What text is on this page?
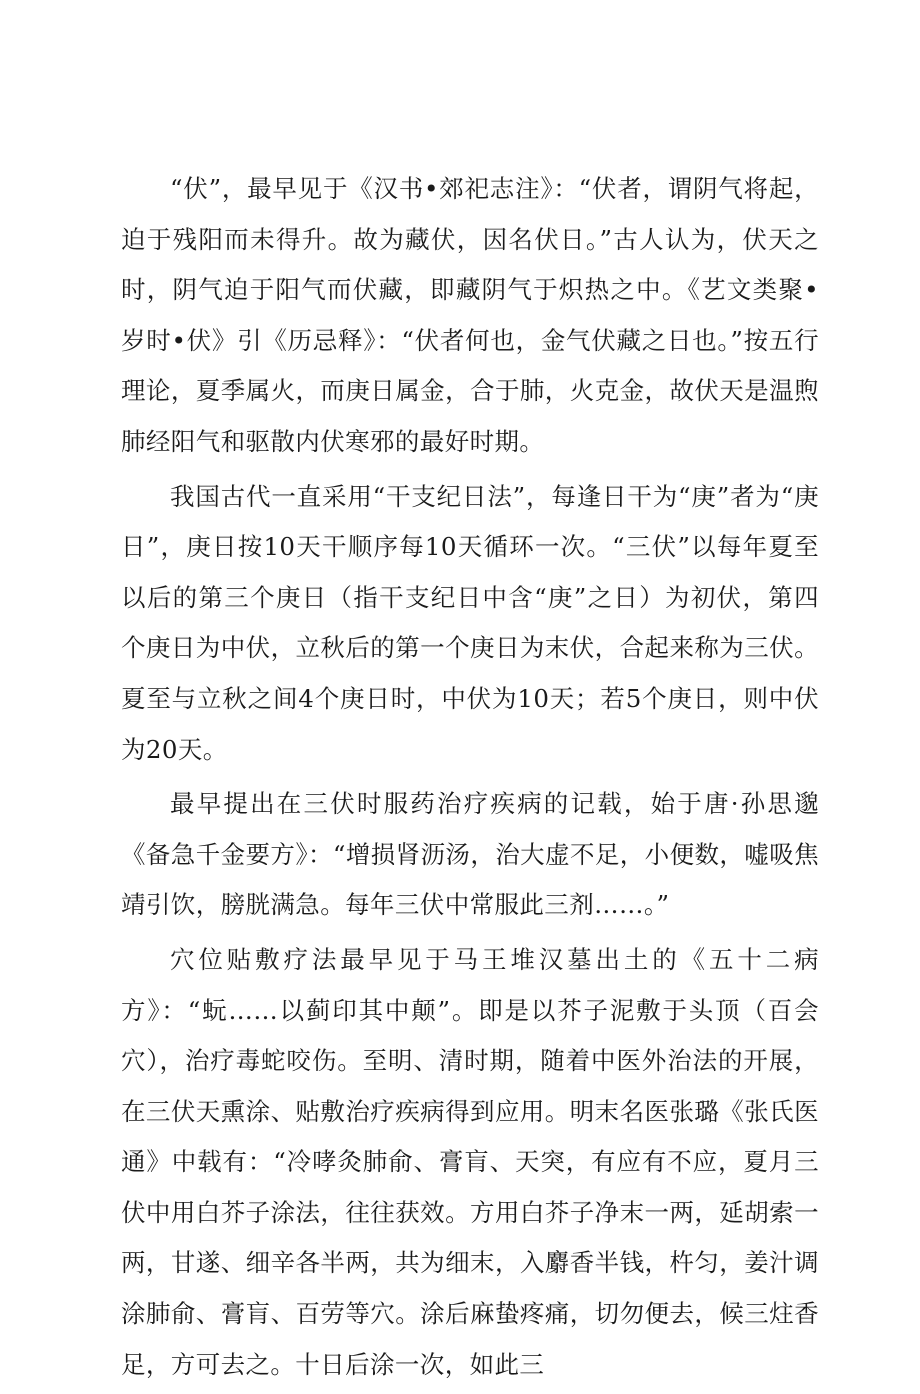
“伏”，最早见于《汉书•郊祀志注》：“伏者，谓阴气将起，迫于残阳而未得升。故为藏伏，因名伏日。”古人认为，伏天之时，阴气迫于阳气而伏藏，即藏阴气于炽热之中。《艺文类聚•岁时•伏》引《历忌释》：“伏者何也，金气伏藏之日也。”按五行理论，夏季属火，而庚日属金，合于肺，火克金，故伏天是温煦肺经阳气和驱散内伏寒邪的最好时期。

我国古代一直采用“干支纪日法”，每逢日干为“庚”者为“庚日”，庚日按10天干顺序每10天循环一次。“三伏”以每年夏至以后的第三个庚日（指干支纪日中含“庚”之日）为初伏，第四个庚日为中伏，立秋后的第一个庚日为末伏，合起来称为三伏。夏至与立秋之间4个庚日时，中伏为10天；若5个庚日，则中伏为20天。

最早提出在三伏时服药治疗疾病的记载，始于唐·孙思邈《备急千金要方》：“增损肾沥汤，治大虚不足，小便数，嘘吸焦靖引饮，膀胱满急。每年三伏中常服此三剂……。”

穴位贴敷疗法最早见于马王堆汉墓出土的《五十二病方》：“蚖……以蓟印其中颠”。即是以芥子泥敷于头顶（百会穴），治疗毒蛇咬伤。至明、清时期，随着中医外治法的开展，在三伏天熏涂、贴敷治疗疾病得到应用。明末名医张璐《张氏医通》中载有：“冷哮灸肺俞、膏肓、天突，有应有不应，夏月三伏中用白芥子涂法，往往获效。方用白芥子净末一两，延胡索一两，甘遂、细辛各半两，共为细末，入麝香半钱，杵匀，姜汁调涂肺俞、膏肓、百劳等穴。涂后麻蛰疼痛，切勿便去，候三炷香足，方可去之。十日后涂一次，如此三
